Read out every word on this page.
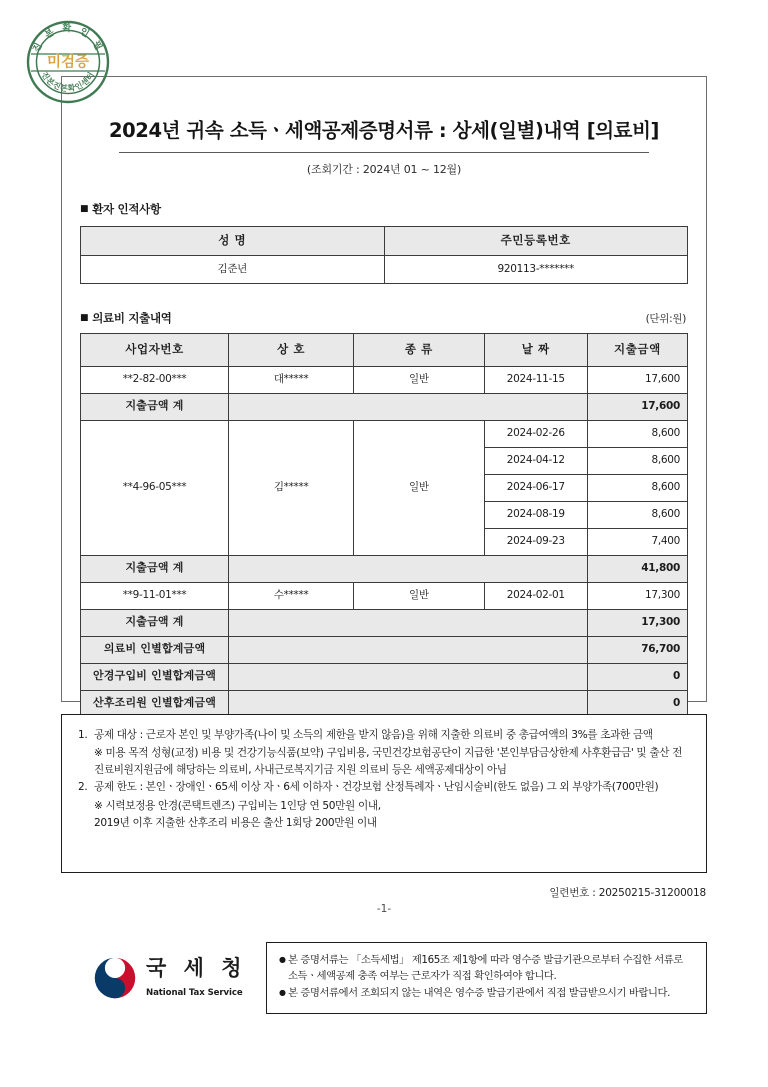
진 본 확 인 필
진본진본확인센터
미검증
2024년 귀속 소득ㆍ세액공제증명서류 : 상세(일별)내역 [의료비]
(조회기간 : 2024년 01 ~ 12월)
■ 환자 인적사항
성 명	주민등록번호
김준년	920113-*******
■ 의료비 지출내역	(단위:원)
사업자번호	상 호	종 류	날 짜	지출금액
**2-82-00***	대*****	일반	2024-11-15	17,600
지출금액 계				17,600
**4-96-05***	김*****	일반	2024-02-26	8,600
			2024-04-12	8,600
			2024-06-17	8,600
			2024-08-19	8,600
			2024-09-23	7,400
지출금액 계				41,800
**9-11-01***	수*****	일반	2024-02-01	17,300
지출금액 계				17,300
의료비 인별합계금액				76,700
안경구입비 인별합계금액				0
산후조리원 인별합계금액				0
1. 공제 대상 : 근로자 본인 및 부양가족(나이 및 소득의 제한을 받지 않음)을 위해 지출한 의료비 중 총급여액의 3%를 초과한 금액
※ 미용 목적 성형(교정) 비용 및 건강기능식품(보약) 구입비용, 국민건강보험공단이 지급한 '본인부담금상한제 사후환급금' 및 출산 전 진료비원지원금에 해당하는 의료비, 사내근로복지기금 지원 의료비 등은 세액공제대상이 아님
2. 공제 한도 : 본인ㆍ장애인ㆍ65세 이상 자ㆍ6세 이하자ㆍ건강보험 산정특례자ㆍ난임시술비(한도 없음) 그 외 부양가족(700만원)
※ 시력보정용 안경(콘택트렌즈) 구입비는 1인당 연 50만원 이내,
2019년 이후 지출한 산후조리 비용은 출산 1회당 200만원 이내
일련번호 : 20250215-31200018
-1-
국 세 청 National Tax Service
● 본 증명서류는 「소득세법」 제165조 제1항에 따라 영수증 발급기관으로부터 수집한 서류로 소득ㆍ세액공제 충족 여부는 근로자가 직접 확인하여야 합니다.
● 본 증명서류에서 조회되지 않는 내역은 영수증 발급기관에서 직접 발급받으시기 바랍니다.
